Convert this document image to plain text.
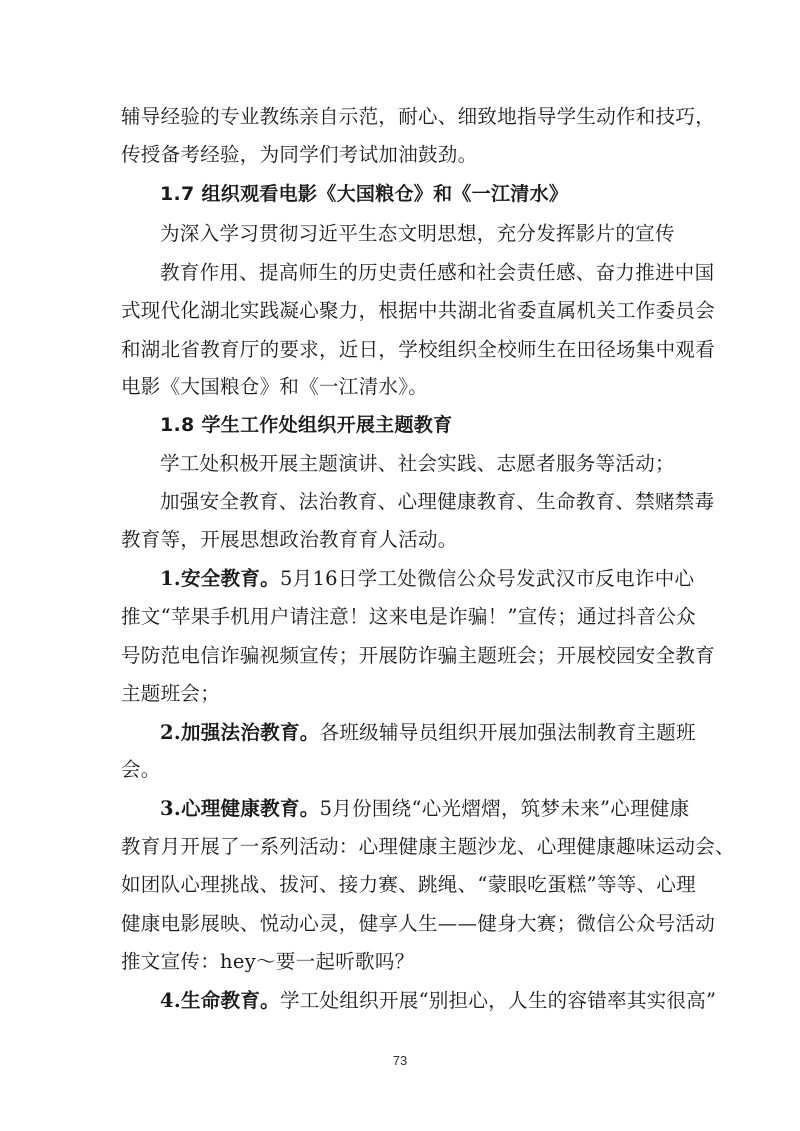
辅导经验的专业教练亲自示范，耐心、细致地指导学生动作和技巧，
传授备考经验，为同学们考试加油鼓劲。
1.7 组织观看电影《大国粮仓》和《一江清水》
为深入学习贯彻习近平生态文明思想，充分发挥影片的宣传
教育作用、提高师生的历史责任感和社会责任感、奋力推进中国
式现代化湖北实践凝心聚力，根据中共湖北省委直属机关工作委员会
和湖北省教育厅的要求，近日，学校组织全校师生在田径场集中观看
电影《大国粮仓》和《一江清水》。
1.8 学生工作处组织开展主题教育
学工处积极开展主题演讲、社会实践、志愿者服务等活动；
加强安全教育、法治教育、心理健康教育、生命教育、禁赌禁毒
教育等，开展思想政治教育育人活动。
1.安全教育。5月16日学工处微信公众号发武汉市反电诈中心
推文“苹果手机用户请注意！这来电是诈骗！”宣传；通过抖音公众
号防范电信诈骗视频宣传；开展防诈骗主题班会；开展校园安全教育
主题班会；
2.加强法治教育。各班级辅导员组织开展加强法制教育主题班
会。
3.心理健康教育。5月份围绕“心光熠熠，筑梦未来”心理健康
教育月开展了一系列活动：心理健康主题沙龙、心理健康趣味运动会、
如团队心理挑战、拔河、接力赛、跳绳、“蒙眼吃蛋糕”等等、心理
健康电影展映、悦动心灵，健享人生——健身大赛；微信公众号活动
推文宣传：hey～要一起听歌吗？
4.生命教育。学工处组织开展“别担心，人生的容错率其实很高”
73
